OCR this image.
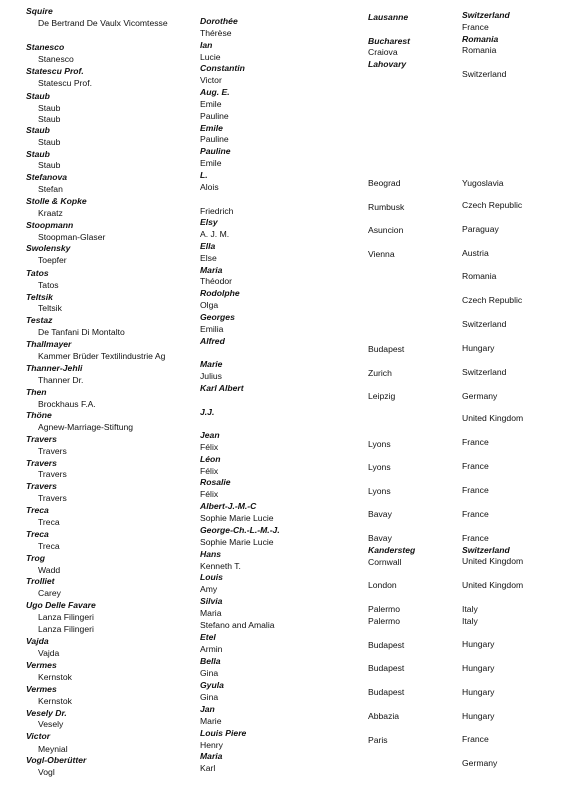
Squire
De Bertrand De Vaulx Vicomtesse
Stanesco
Stanesco
Statescu Prof.
Statescu Prof.
Staub
Staub
Staub
Staub
Staub
Staub
Staub
Stefanova
Stefan
Stolle & Kopke
Kraatz
Stoopmann
Stoopman-Glaser
Swolensky
Toepfer
Tatos
Tatos
Teltsik
Teltsik
Testaz
De Tanfani Di Montalto
Thallmayer
Kammer Brüder Textilindustrie Ag
Thanner-Jehli
Thanner Dr.
Then
Brockhaus F.A.
Thöne
Agnew-Marriage-Stiftung
Travers
Travers
Travers
Travers
Travers
Travers
Treca
Treca
Treca
Treca
Trog
Wadd
Trolliet
Carey
Ugo Delle Favare
Lanza Filingeri
Lanza Filingeri
Vajda
Vajda
Vermes
Kernstok
Vermes
Kernstok
Vesely Dr.
Vesely
Victor
Meynial
Vogl-Oberütter
Vogl
Dorothée
Thérèse
Ian
Lucie
Constantin
Victor
Aug. E.
Emile
Pauline
Emile
Pauline
Pauline
Emile
L.
Alois
Friedrich
Elsy
A. J. M.
Ella
Else
Maria
Théodor
Rodolphe
Olga
Georges
Emilia
Alfred
Marie
Julius
Karl Albert
J.J.
Jean
Félix
Léon
Félix
Rosalie
Félix
Albert-J.-M.-C
Sophie Marie Lucie
George-Ch.-L.-M.-J.
Sophie Marie Lucie
Hans
Kenneth T.
Louis
Amy
Silvia
Maria
Stefano and Amalia
Etel
Armin
Bella
Gina
Gyula
Gina
Jan
Marie
Louis Piere
Henry
Maria
Karl
Lausanne
Bucharest
Craiova
Lahovary
Beograd
Rumbusk
Asuncion
Vienna
Budapest
Zurich
Leipzig
Lyons
Lyons
Lyons
Bavay
Bavay
Kandersteg
Cornwall
London
Palermo
Palermo
Budapest
Budapest
Budapest
Abbazia
Paris
Switzerland
France
Romania
Romania
Switzerland
Yugoslavia
Czech Republic
Paraguay
Austria
Romania
Czech Republic
Switzerland
Hungary
Switzerland
Germany
United Kingdom
France
France
France
France
France
Switzerland
United Kingdom
United Kingdom
Italy
Italy
Hungary
Hungary
Hungary
Hungary
France
Germany
